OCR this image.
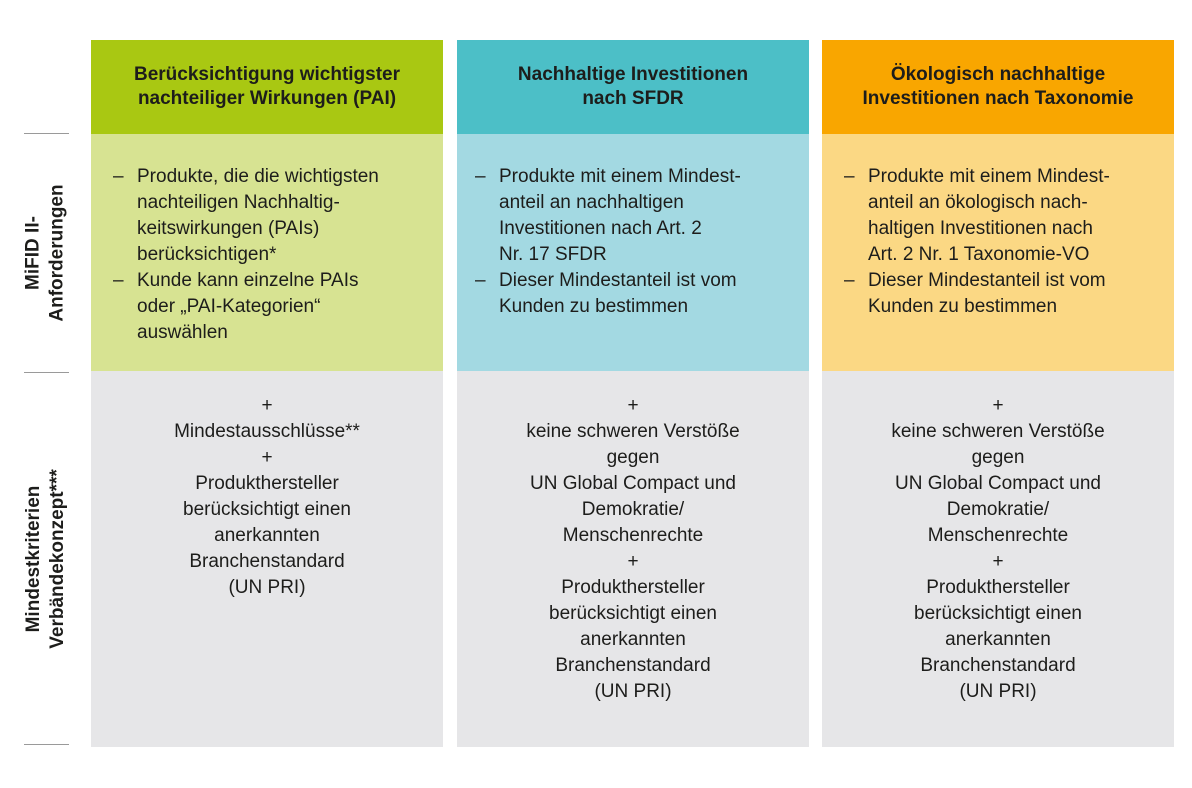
MiFID II- Anforderungen
Mindestkriterien Verbändekonzept***
Berücksichtigung wichtigster
nachteiliger Wirkungen (PAI)
– Produkte, die die wichtigsten
nachteiligen Nachhaltig-
keitswirkungen (PAIs)
berücksichtigen*
– Kunde kann einzelne PAIs
oder „PAI-Kategorien“
auswählen
+
Mindestausschlüsse**
+
Produkthersteller
berücksichtigt einen
anerkannten
Branchenstandard
(UN PRI)
Nachhaltige Investitionen
nach SFDR
– Produkte mit einem Mindest-
anteil an nachhaltigen
Investitionen nach Art. 2
Nr. 17 SFDR
– Dieser Mindestanteil ist vom
Kunden zu bestimmen
+
keine schweren Verstöße
gegen
UN Global Compact und
Demokratie/
Menschenrechte
+
Produkthersteller
berücksichtigt einen
anerkannten
Branchenstandard
(UN PRI)
Ökologisch nachhaltige
Investitionen nach Taxonomie
– Produkte mit einem Mindest-
anteil an ökologisch nach-
haltigen Investitionen nach
Art. 2 Nr. 1 Taxonomie-VO
– Dieser Mindestanteil ist vom
Kunden zu bestimmen
+
keine schweren Verstöße
gegen
UN Global Compact und
Demokratie/
Menschenrechte
+
Produkthersteller
berücksichtigt einen
anerkannten
Branchenstandard
(UN PRI)
